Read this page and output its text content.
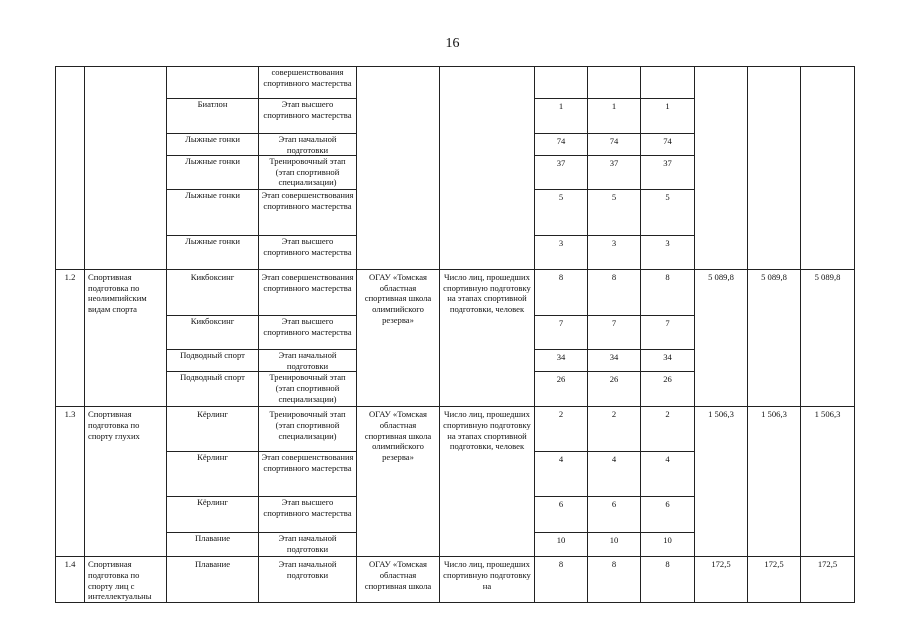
16
			совершенствования спортивного мастерства								
		Биатлон	Этап высшего спортивного мастерства			1	1	1			
		Лыжные гонки	Этап начальной подготовки			74	74	74			
		Лыжные гонки	Тренировочный этап (этап спортивной специализации)			37	37	37			
		Лыжные гонки	Этап совершенствования спортивного мастерства			5	5	5			
		Лыжные гонки	Этап высшего спортивного мастерства			3	3	3			
1.2	Спортивная подготовка по неолимпийским видам спорта	Кикбоксинг	Этап совершенствования спортивного мастерства	ОГАУ «Томская областная спортивная школа олимпийского резерва»	Число лиц, прошедших спортивную подготовку на этапах спортивной подготовки, человек	8	8	8	5 089,8	5 089,8	5 089,8
		Кикбоксинг	Этап высшего спортивного мастерства			7	7	7			
		Подводный спорт	Этап начальной подготовки			34	34	34			
		Подводный спорт	Тренировочный этап (этап спортивной специализации)			26	26	26			
1.3	Спортивная подготовка по спорту глухих	Кёрлинг	Тренировочный этап (этап спортивной специализации)	ОГАУ «Томская областная спортивная школа олимпийского резерва»	Число лиц, прошедших спортивную подготовку на этапах спортивной подготовки, человек	2	2	2	1 506,3	1 506,3	1 506,3
		Кёрлинг	Этап совершенствования спортивного мастерства			4	4	4			
		Кёрлинг	Этап высшего спортивного мастерства			6	6	6			
		Плавание	Этап начальной подготовки			10	10	10			
1.4	Спортивная подготовка по спорту лиц с интеллектуальны	Плавание	Этап начальной подготовки	ОГАУ «Томская областная спортивная школа	Число лиц, прошедших спортивную подготовку на	8	8	8	172,5	172,5	172,5
